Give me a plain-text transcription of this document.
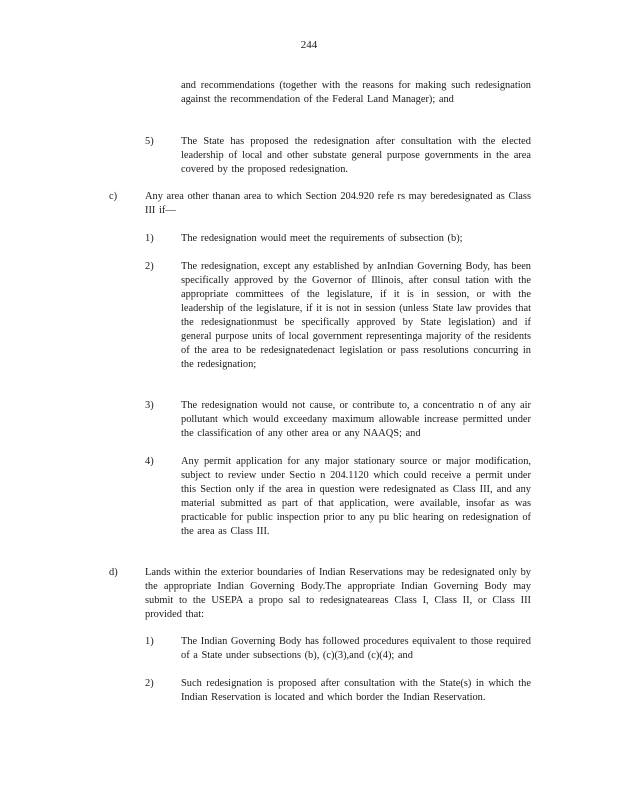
244

and recommendations (together with the reasons for making such redesignation against the recommendation of the Federal Land Manager); and

5)	The State has proposed the redesignation after consultation with the elected leadership of local and other substate general purpose governments in the area covered by the proposed redesignation.

c)	Any area other thanan area to which Section 204.920 refe rs may beredesignated as Class III if—

1)	The redesignation would meet the requirements of subsection (b);

2)	The redesignation, except any established by anIndian Governing Body, has been specifically approved by the Governor of Illinois, after consul tation with the appropriate committees of the legislature, if it is in session, or with the leadership of the legislature, if it is not in session (unless State law provides that the redesignationmust be specifically approved by State legislation) and if general purpose units of local government representinga majority of the residents of the area to be redesignatedenact legislation or pass resolutions concurring in the redesignation;

3)	The redesignation would not cause, or contribute to, a concentratio n of any air pollutant which would exceedany maximum allowable increase permitted under the classification of any other area or any NAAQS; and

4)	Any permit application for any major stationary source or major modification, subject to review under Sectio n 204.1120 which could receive a permit under this Section only if the area in question were redesignated as Class III, and any material submitted as part of that application, were available, insofar as was practicable for public inspection prior to any pu blic hearing on redesignation of the area as Class III.

d)	Lands within the exterior boundaries of Indian Reservations may be redesignated only by the appropriate Indian Governing Body.The appropriate Indian Governing Body may submit to the USEPA a propo sal to redesignateareas Class I, Class II, or Class III provided that:

1)	The Indian Governing Body has followed procedures equivalent to those required of a State under subsections (b), (c)(3),and (c)(4); and

2)	Such redesignation is proposed after consultation with the State(s) in which the Indian Reservation is located and which border the Indian Reservation.
